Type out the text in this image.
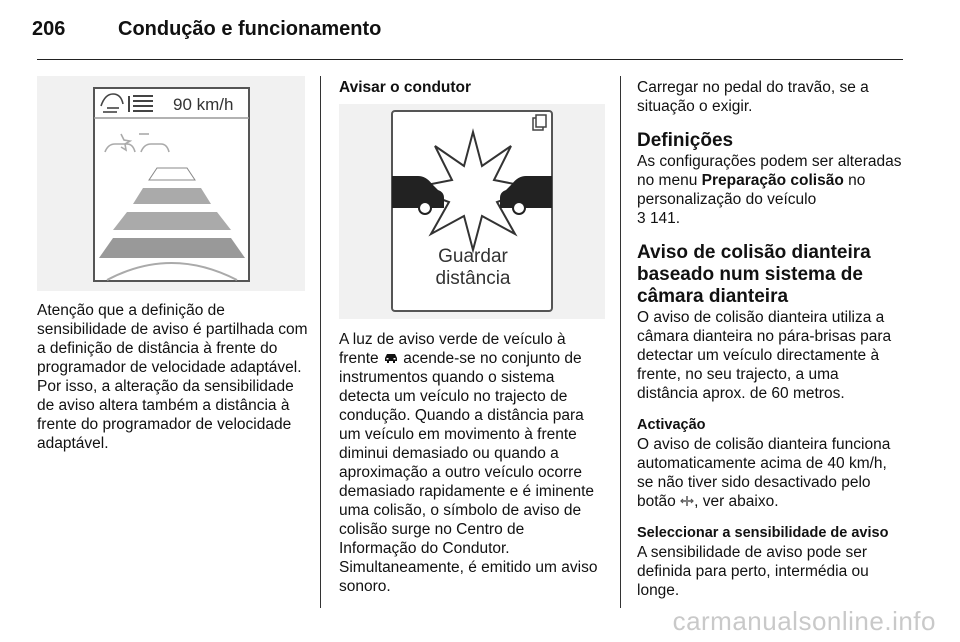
206	Condução e funcionamento
90 km/h

Atenção que a definição de sensibilidade de aviso é partilhada com a definição de distância à frente do programador de velocidade adaptável. Por isso, a alteração da sensibilidade de aviso altera também a distância à frente do programador de velocidade adaptável.

Avisar o condutor

Guardar
distância

A luz de aviso verde de veículo à frente acende-se no conjunto de instrumentos quando o sistema detecta um veículo no trajecto de condução. Quando a distância para um veículo em movimento à frente diminui demasiado ou quando a aproximação a outro veículo ocorre demasiado rapidamente e é iminente uma colisão, o símbolo de aviso de colisão surge no Centro de Informação do Condutor. Simultaneamente, é emitido um aviso sonoro.

Carregar no pedal do travão, se a situação o exigir.

Definições

As configurações podem ser alteradas no menu Preparação colisão no personalização do veículo
3 141.

Aviso de colisão dianteira
baseado num sistema de
câmara dianteira

O aviso de colisão dianteira utiliza a câmara dianteira no pára-brisas para detectar um veículo directamente à frente, no seu trajecto, a uma distância aprox. de 60 metros.

Activação

O aviso de colisão dianteira funciona automaticamente acima de 40 km/h, se não tiver sido desactivado pelo botão , ver abaixo.

Seleccionar a sensibilidade de aviso

A sensibilidade de aviso pode ser definida para perto, intermédia ou longe.

carmanualsonline.info
